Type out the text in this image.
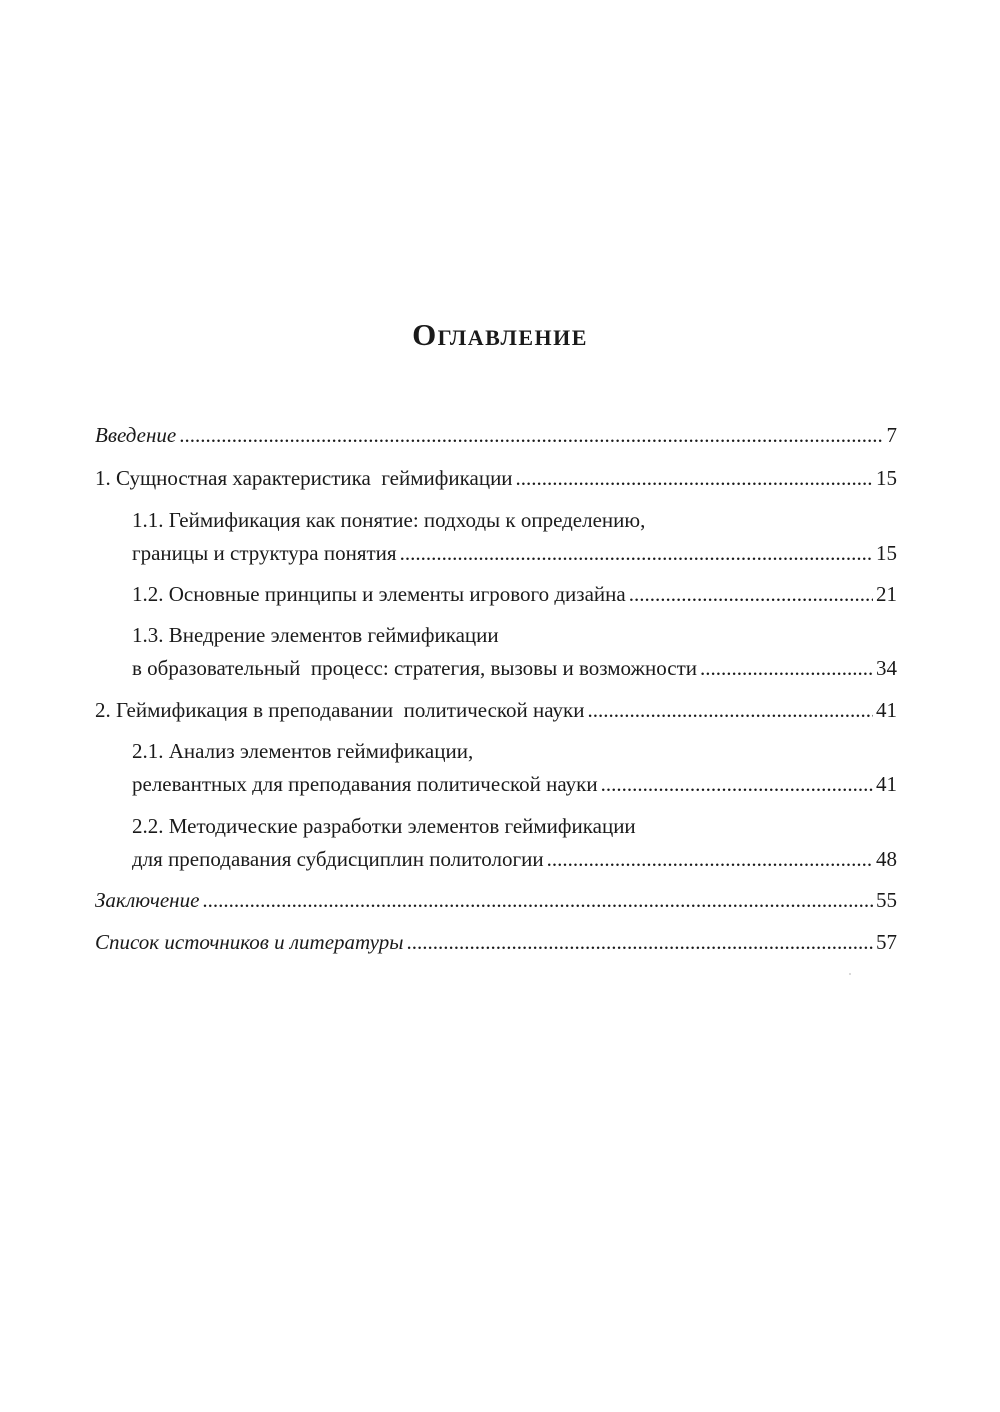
Оглавление
Введение .....	7
1. Сущностная характеристика  геймификации .....	15
1.1. Геймификация как понятие: подходы к определению,
границы и структура понятия .....	15
1.2. Основные принципы и элементы игрового дизайна .....	21
1.3. Внедрение элементов геймификации
в образовательный  процесс: стратегия, вызовы и возможности .....	34
2. Геймификация в преподавании  политической науки .....	41
2.1. Анализ элементов геймификации,
релевантных для преподавания политической науки .....	41
2.2. Методические разработки элементов геймификации
для преподавания субдисциплин политологии .....	48
Заключение .....	55
Список источников и литературы .....	57
